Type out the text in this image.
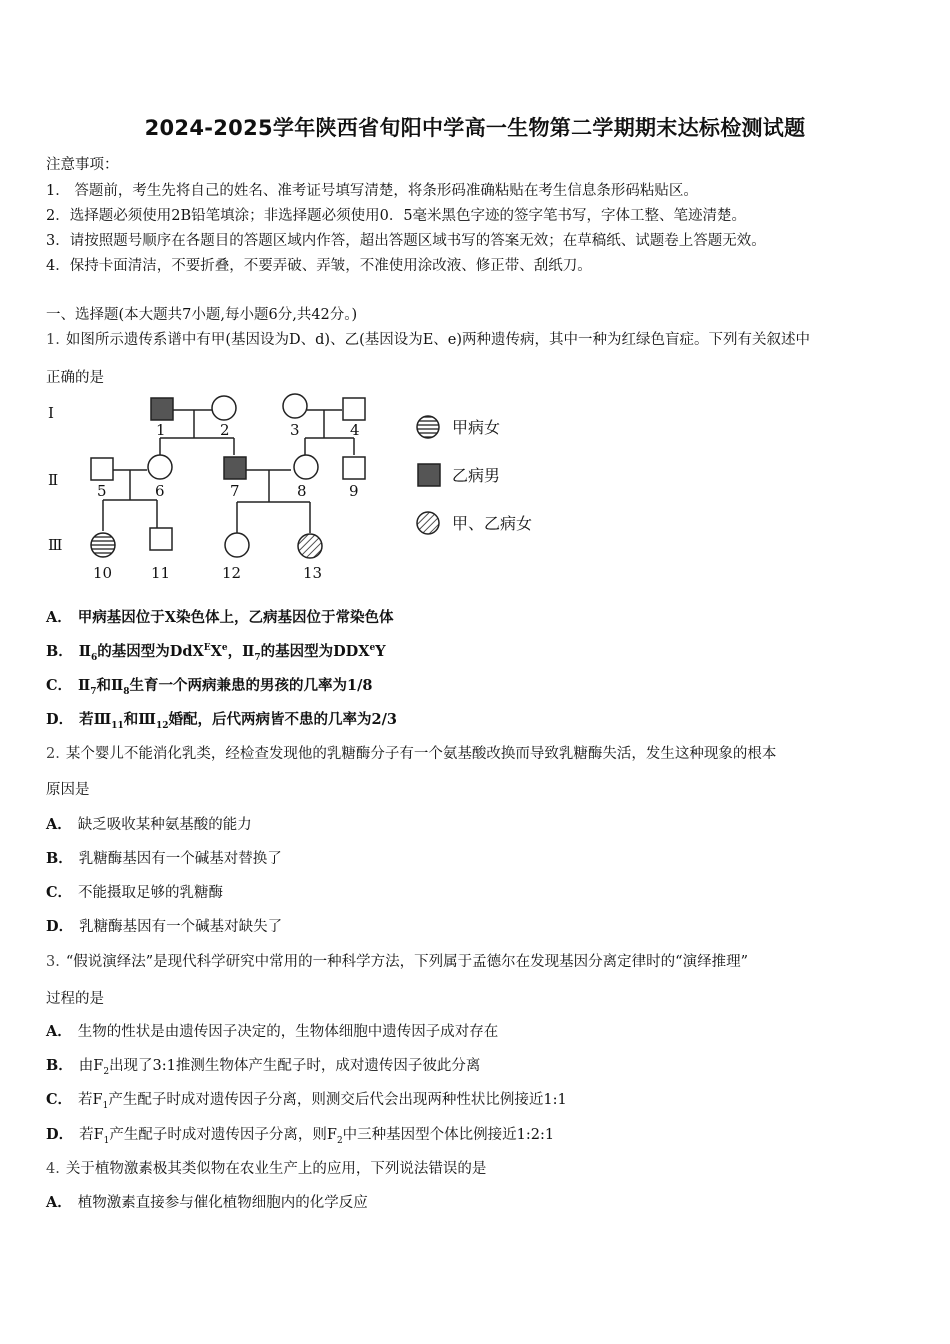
2024-2025学年陕西省旬阳中学高一生物第二学期期末达标检测试题
注意事项：
1． 答题前，考生先将自己的姓名、准考证号填写清楚，将条形码准确粘贴在考生信息条形码粘贴区。
2．选择题必须使用2B铅笔填涂；非选择题必须使用0．5毫米黑色字迹的签字笔书写，字体工整、笔迹清楚。
3．请按照题号顺序在各题目的答题区域内作答，超出答题区域书写的答案无效；在草稿纸、试题卷上答题无效。
4．保持卡面清洁，不要折叠，不要弄破、弄皱，不准使用涂改液、修正带、刮纸刀。
一、选择题(本大题共7小题,每小题6分,共42分。)
1. 如图所示遗传系谱中有甲(基因设为D、d)、乙(基因设为E、e)两种遗传病，其中一种为红绿色盲症。下列有关叙述中
正确的是
Ⅰ
Ⅱ
Ⅲ
1	2	3	4
5	6	7	8	9
10	11	12	13
甲病女
乙病男
甲、乙病女
A． 甲病基因位于X染色体上，乙病基因位于常染色体
B． $Ⅱ_6$的基因型为DdX$^E$Xe，$Ⅱ_7$的基因型为DDXeY
C． $Ⅱ_7$和$Ⅱ_8$生育一个两病兼患的男孩的几率为1/8
D． 若$Ⅲ_{11}$和$Ⅲ_{12}$婚配，后代两病皆不患的几率为2/3
2. 某个婴儿不能消化乳类，经检查发现他的乳糖酶分子有一个氨基酸改换而导致乳糖酶失活，发生这种现象的根本
原因是
A． 缺乏吸收某种氨基酸的能力
B． 乳糖酶基因有一个碱基对替换了
C． 不能摄取足够的乳糖酶
D． 乳糖酶基因有一个碱基对缺失了
3. “假说演绎法”是现代科学研究中常用的一种科学方法，下列属于孟德尔在发现基因分离定律时的“演绎推理”
过程的是
A． 生物的性状是由遗传因子决定的，生物体细胞中遗传因子成对存在
B． 由$F_2$出现了3:1推测生物体产生配子时，成对遗传因子彼此分离
C． 若$F_1$产生配子时成对遗传因子分离，则测交后代会出现两种性状比例接近1:1
D． 若$F_1$产生配子时成对遗传因子分离，则$F_2$中三种基因型个体比例接近1:2:1
4. 关于植物激素极其类似物在农业生产上的应用，下列说法错误的是
A． 植物激素直接参与催化植物细胞内的化学反应
